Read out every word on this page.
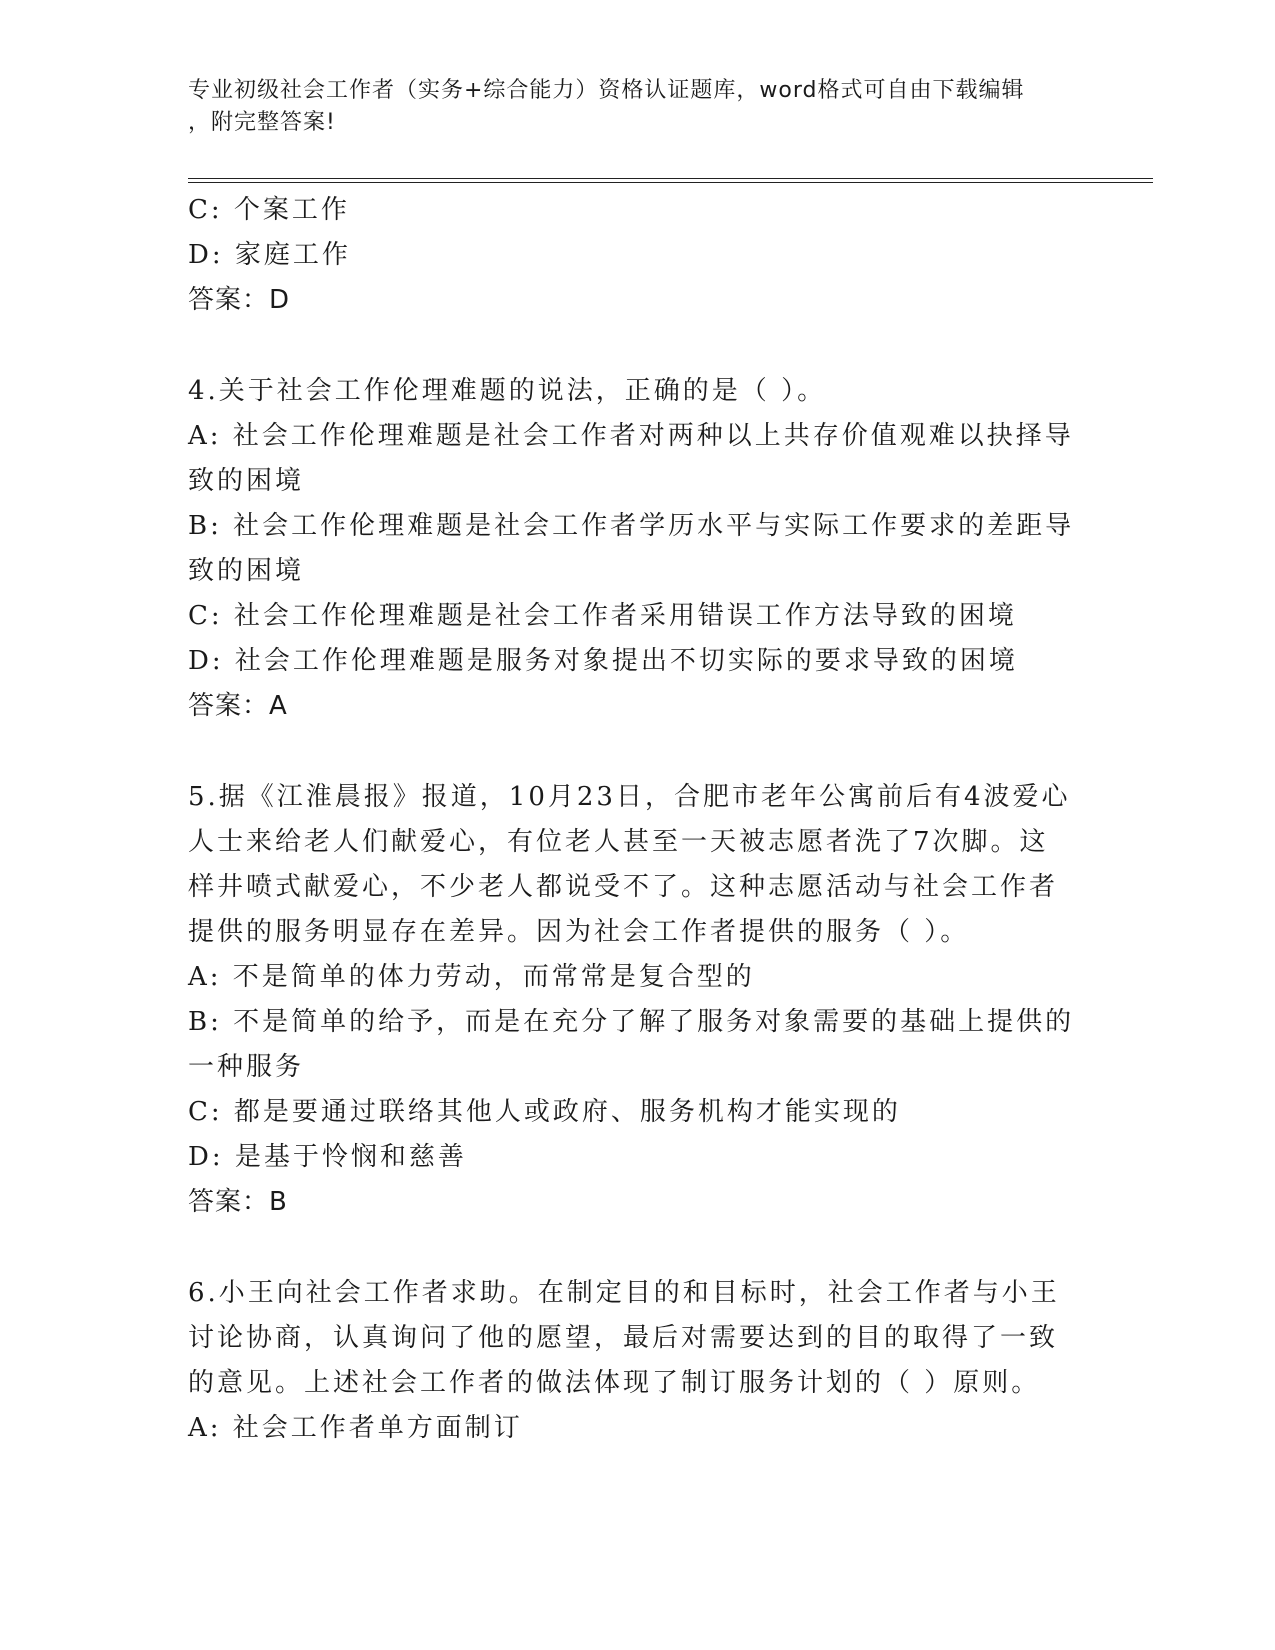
专业初级社会工作者（实务+综合能力）资格认证题库，word格式可自由下载编辑
，附完整答案!
C: 个案工作
D: 家庭工作
答案：D
4.关于社会工作伦理难题的说法，正确的是（ ）。
A: 社会工作伦理难题是社会工作者对两种以上共存价值观难以抉择导
致的困境
B: 社会工作伦理难题是社会工作者学历水平与实际工作要求的差距导
致的困境
C: 社会工作伦理难题是社会工作者采用错误工作方法导致的困境
D: 社会工作伦理难题是服务对象提出不切实际的要求导致的困境
答案：A
5.据《江淮晨报》报道，10月23日，合肥市老年公寓前后有4波爱心
人士来给老人们献爱心，有位老人甚至一天被志愿者洗了7次脚。这
样井喷式献爱心，不少老人都说受不了。这种志愿活动与社会工作者
提供的服务明显存在差异。因为社会工作者提供的服务（ ）。
A: 不是简单的体力劳动，而常常是复合型的
B: 不是简单的给予，而是在充分了解了服务对象需要的基础上提供的
一种服务
C: 都是要通过联络其他人或政府、服务机构才能实现的
D: 是基于怜悯和慈善
答案：B
6.小王向社会工作者求助。在制定目的和目标时，社会工作者与小王
讨论协商，认真询问了他的愿望，最后对需要达到的目的取得了一致
的意见。上述社会工作者的做法体现了制订服务计划的（ ）原则。
A: 社会工作者单方面制订
